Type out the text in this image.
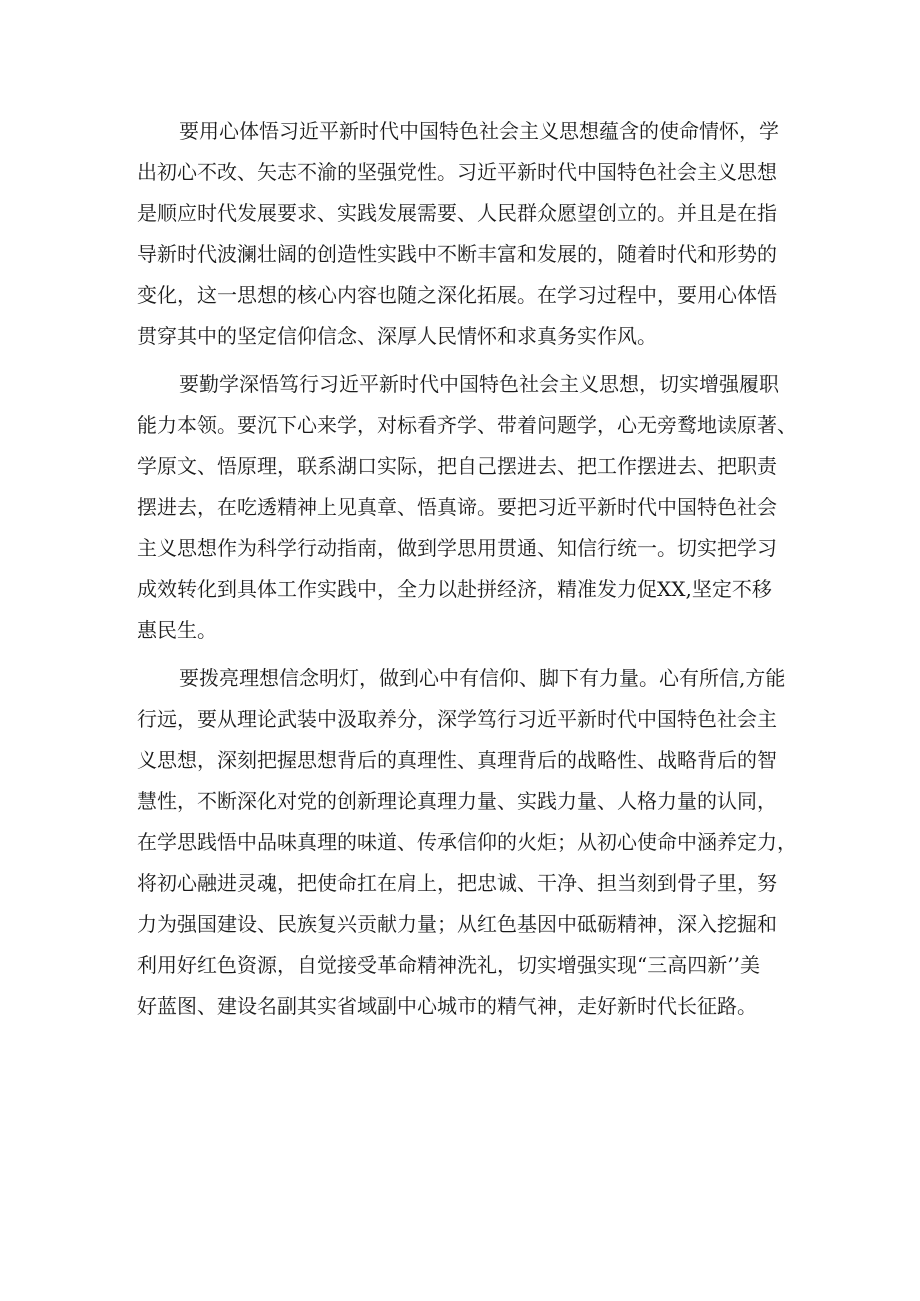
要用心体悟习近平新时代中国特色社会主义思想蕴含的使命情怀，学
出初心不改、矢志不渝的坚强党性。习近平新时代中国特色社会主义思想
是顺应时代发展要求、实践发展需要、人民群众愿望创立的。并且是在指
导新时代波澜壮阔的创造性实践中不断丰富和发展的，随着时代和形势的
变化，这一思想的核心内容也随之深化拓展。在学习过程中，要用心体悟
贯穿其中的坚定信仰信念、深厚人民情怀和求真务实作风。
要勤学深悟笃行习近平新时代中国特色社会主义思想，切实增强履职
能力本领。要沉下心来学，对标看齐学、带着问题学，心无旁鹜地读原著、
学原文、悟原理，联系湖口实际，把自己摆进去、把工作摆进去、把职责
摆进去，在吃透精神上见真章、悟真谛。要把习近平新时代中国特色社会
主义思想作为科学行动指南，做到学思用贯通、知信行统一。切实把学习
成效转化到具体工作实践中，全力以赴拼经济，精准发力促XX,坚定不移
惠民生。
要拨亮理想信念明灯，做到心中有信仰、脚下有力量。心有所信,方能
行远，要从理论武装中汲取养分，深学笃行习近平新时代中国特色社会主
义思想，深刻把握思想背后的真理性、真理背后的战略性、战略背后的智
慧性，不断深化对党的创新理论真理力量、实践力量、人格力量的认同，
在学思践悟中品味真理的味道、传承信仰的火炬；从初心使命中涵养定力，
将初心融进灵魂，把使命扛在肩上，把忠诚、干净、担当刻到骨子里，努
力为强国建设、民族复兴贡献力量；从红色基因中砥砺精神，深入挖掘和
利用好红色资源，自觉接受革命精神洗礼，切实增强实现“三高四新’’美
好蓝图、建设名副其实省域副中心城市的精气神，走好新时代长征路。
